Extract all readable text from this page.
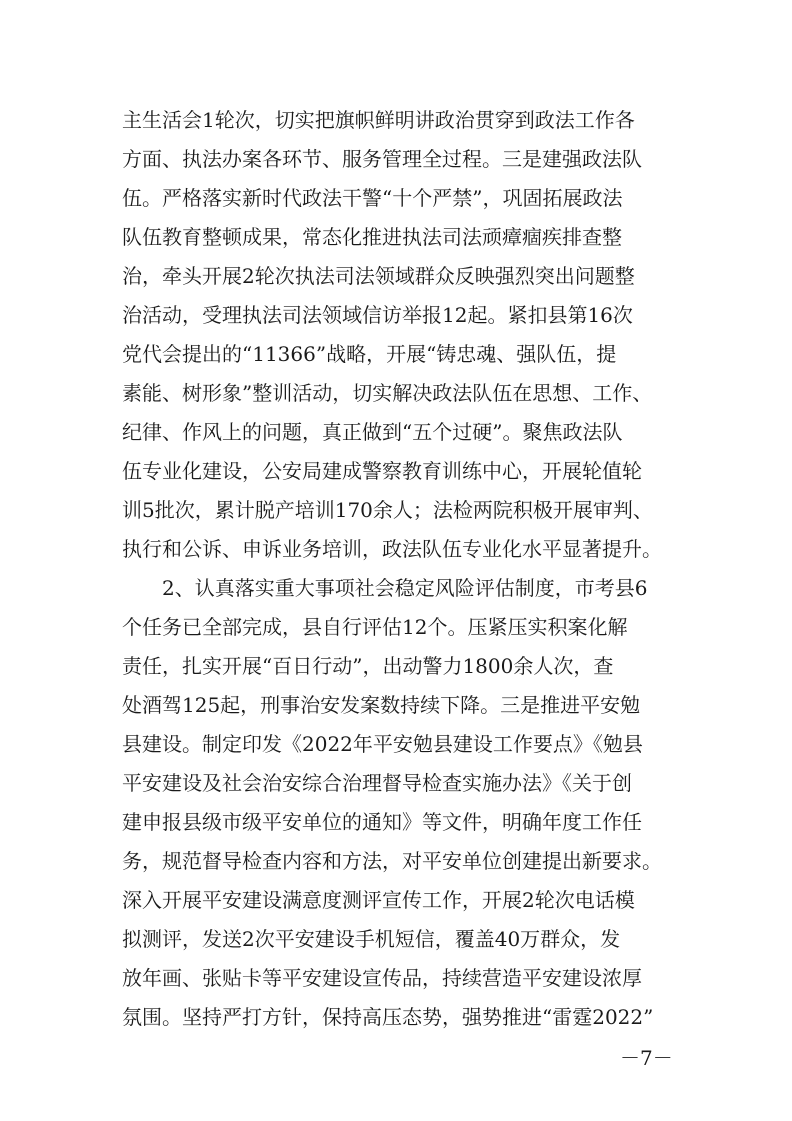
主生活会1轮次，切实把旗帜鲜明讲政治贯穿到政法工作各
方面、执法办案各环节、服务管理全过程。三是建强政法队
伍。严格落实新时代政法干警“十个严禁”，巩固拓展政法
队伍教育整顿成果，常态化推进执法司法顽瘴痼疾排查整
治，牵头开展2轮次执法司法领域群众反映强烈突出问题整
治活动，受理执法司法领域信访举报12起。紧扣县第16次
党代会提出的“11366”战略，开展“铸忠魂、强队伍，提
素能、树形象”整训活动，切实解决政法队伍在思想、工作、
纪律、作风上的问题，真正做到“五个过硬”。聚焦政法队
伍专业化建设，公安局建成警察教育训练中心，开展轮值轮
训5批次，累计脱产培训170余人；法检两院积极开展审判、
执行和公诉、申诉业务培训，政法队伍专业化水平显著提升。
2、认真落实重大事项社会稳定风险评估制度，市考县6
个任务已全部完成，县自行评估12个。压紧压实积案化解
责任，扎实开展“百日行动”，出动警力1800余人次，查
处酒驾125起，刑事治安发案数持续下降。三是推进平安勉
县建设。制定印发《2022年平安勉县建设工作要点》《勉县
平安建设及社会治安综合治理督导检查实施办法》《关于创
建申报县级市级平安单位的通知》等文件，明确年度工作任
务，规范督导检查内容和方法，对平安单位创建提出新要求。
深入开展平安建设满意度测评宣传工作，开展2轮次电话模
拟测评，发送2次平安建设手机短信，覆盖40万群众，发
放年画、张贴卡等平安建设宣传品，持续营造平安建设浓厚
氛围。坚持严打方针，保持高压态势，强势推进“雷霆2022”
－7－
